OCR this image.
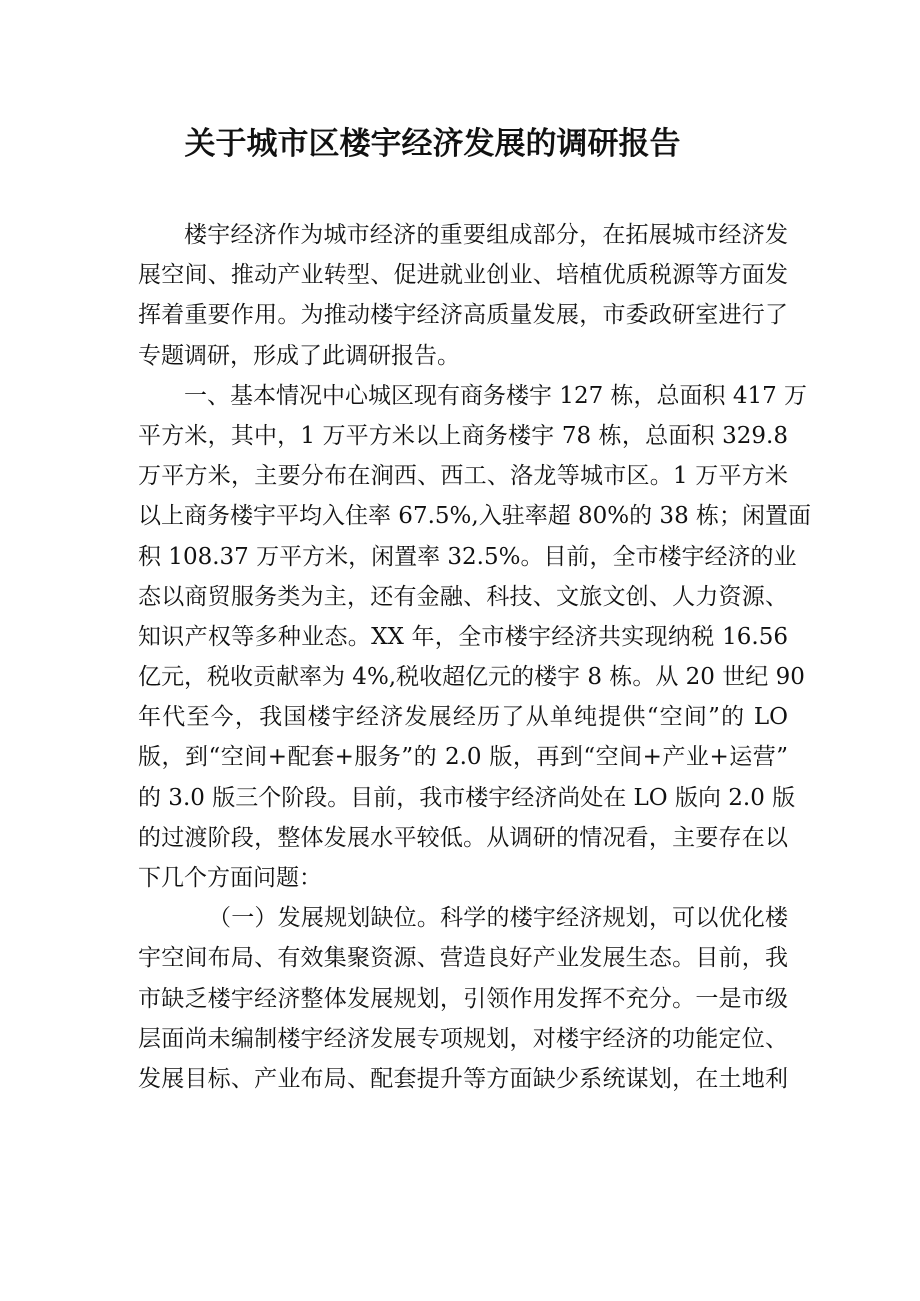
关于城市区楼宇经济发展的调研报告
楼宇经济作为城市经济的重要组成部分，在拓展城市经济发
展空间、推动产业转型、促进就业创业、培植优质税源等方面发
挥着重要作用。为推动楼宇经济高质量发展，市委政研室进行了
专题调研，形成了此调研报告。
一、基本情况中心城区现有商务楼宇 127 栋，总面积 417 万
平方米，其中，1 万平方米以上商务楼宇 78 栋，总面积 329.8
万平方米，主要分布在涧西、西工、洛龙等城市区。1 万平方米
以上商务楼宇平均入住率 67.5%,入驻率超 80%的 38 栋；闲置面
积 108.37 万平方米，闲置率 32.5%。目前，全市楼宇经济的业
态以商贸服务类为主，还有金融、科技、文旅文创、人力资源、
知识产权等多种业态。XX 年，全市楼宇经济共实现纳税 16.56
亿元，税收贡献率为 4%,税收超亿元的楼宇 8 栋。从 20 世纪 90
年代至今，我国楼宇经济发展经历了从单纯提供“空间”的 LO
版，到“空间+配套+服务”的 2.0 版，再到“空间+产业+运营”
的 3.0 版三个阶段。目前，我市楼宇经济尚处在 LO 版向 2.0 版
的过渡阶段，整体发展水平较低。从调研的情况看，主要存在以
下几个方面问题：
（一）发展规划缺位。科学的楼宇经济规划，可以优化楼
宇空间布局、有效集聚资源、营造良好产业发展生态。目前，我
市缺乏楼宇经济整体发展规划，引领作用发挥不充分。一是市级
层面尚未编制楼宇经济发展专项规划，对楼宇经济的功能定位、
发展目标、产业布局、配套提升等方面缺少系统谋划，在土地利
